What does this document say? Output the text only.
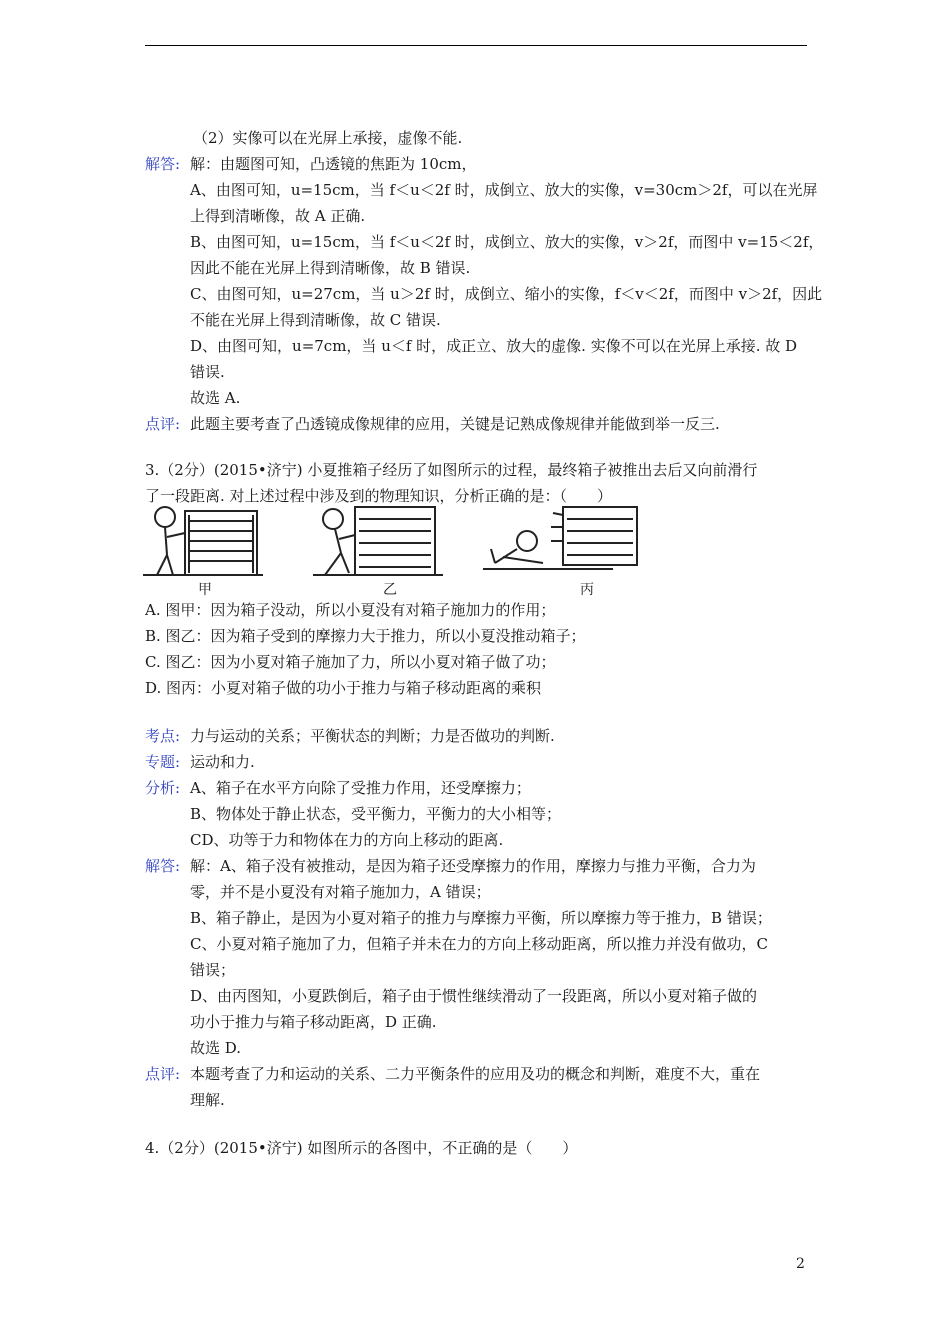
（2）实像可以在光屏上承接，虚像不能.
解答: 解：由题图可知，凸透镜的焦距为 10cm，
A、由图可知，u=15cm，当 f＜u＜2f 时，成倒立、放大的实像，v=30cm＞2f，可以在光屏
上得到清晰像，故 A 正确.
B、由图可知，u=15cm，当 f＜u＜2f 时，成倒立、放大的实像，v＞2f，而图中 v=15＜2f，
因此不能在光屏上得到清晰像，故 B 错误.
C、由图可知，u=27cm，当 u＞2f 时，成倒立、缩小的实像，f＜v＜2f，而图中 v＞2f，因此
不能在光屏上得到清晰像，故 C 错误.
D、由图可知，u=7cm，当 u＜f 时，成正立、放大的虚像. 实像不可以在光屏上承接. 故 D
错误.
故选 A.
点评: 此题主要考查了凸透镜成像规律的应用，关键是记熟成像规律并能做到举一反三.
3.（2分）(2015•济宁) 小夏推箱子经历了如图所示的过程，最终箱子被推出去后又向前滑行
了一段距离. 对上述过程中涉及到的物理知识，分析正确的是：（　　）
甲	乙	丙
A. 图甲：因为箱子没动，所以小夏没有对箱子施加力的作用；
B. 图乙：因为箱子受到的摩擦力大于推力，所以小夏没推动箱子；
C. 图乙：因为小夏对箱子施加了力，所以小夏对箱子做了功；
D. 图丙：小夏对箱子做的功小于推力与箱子移动距离的乘积
考点: 力与运动的关系；平衡状态的判断；力是否做功的判断.
专题: 运动和力.
分析: A、箱子在水平方向除了受推力作用，还受摩擦力；
B、物体处于静止状态，受平衡力，平衡力的大小相等；
CD、功等于力和物体在力的方向上移动的距离.
解答: 解：A、箱子没有被推动，是因为箱子还受摩擦力的作用，摩擦力与推力平衡，合力为
零，并不是小夏没有对箱子施加力，A 错误；
B、箱子静止，是因为小夏对箱子的推力与摩擦力平衡，所以摩擦力等于推力，B 错误；
C、小夏对箱子施加了力，但箱子并未在力的方向上移动距离，所以推力并没有做功，C
错误；
D、由丙图知，小夏跌倒后，箱子由于惯性继续滑动了一段距离，所以小夏对箱子做的
功小于推力与箱子移动距离，D 正确.
故选 D.
点评: 本题考查了力和运动的关系、二力平衡条件的应用及功的概念和判断，难度不大，重在
理解.
4.（2分）(2015•济宁) 如图所示的各图中，不正确的是（　　）
2
